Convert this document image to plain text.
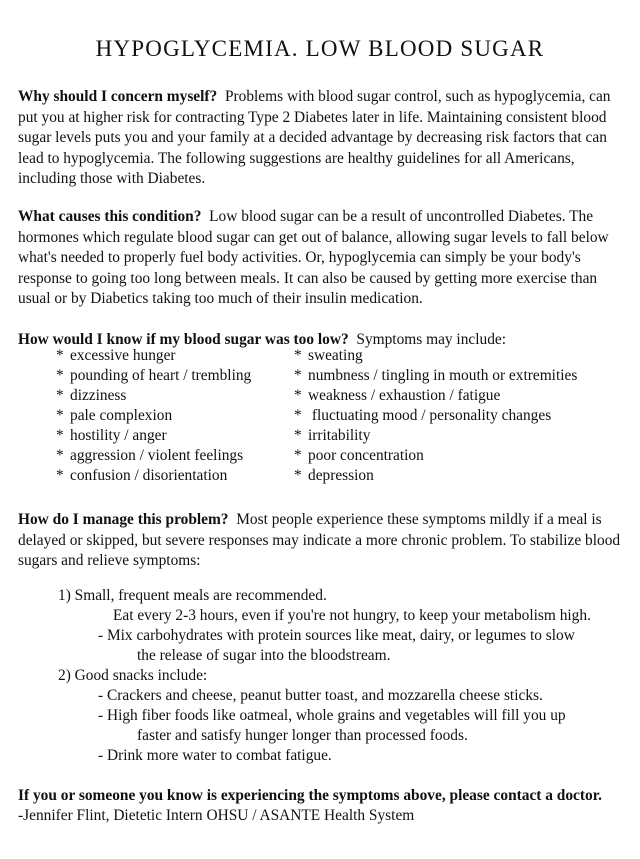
HYPOGLYCEMIA. LOW BLOOD SUGAR
Why should I concern myself? Problems with blood sugar control, such as hypoglycemia, can put you at higher risk for contracting Type 2 Diabetes later in life. Maintaining consistent blood sugar levels puts you and your family at a decided advantage by decreasing risk factors that can lead to hypoglycemia. The following suggestions are healthy guidelines for all Americans, including those with Diabetes.
What causes this condition? Low blood sugar can be a result of uncontrolled Diabetes. The hormones which regulate blood sugar can get out of balance, allowing sugar levels to fall below what's needed to properly fuel body activities. Or, hypoglycemia can simply be your body's response to going too long between meals. It can also be caused by getting more exercise than usual or by Diabetics taking too much of their insulin medication.
How would I know if my blood sugar was too low? Symptoms may include:
* excessive hunger
* pounding of heart / trembling
* dizziness
* pale complexion
* hostility / anger
* aggression / violent feelings
* confusion / disorientation
* sweating
* numbness / tingling in mouth or extremities
* weakness / exhaustion / fatigue
* fluctuating mood / personality changes
* irritability
* poor concentration
* depression
How do I manage this problem? Most people experience these symptoms mildly if a meal is delayed or skipped, but severe responses may indicate a more chronic problem. To stabilize blood sugars and relieve symptoms:
1) Small, frequent meals are recommended.
Eat every 2-3 hours, even if you're not hungry, to keep your metabolism high.
- Mix carbohydrates with protein sources like meat, dairy, or legumes to slow
the release of sugar into the bloodstream.
2) Good snacks include:
- Crackers and cheese, peanut butter toast, and mozzarella cheese sticks.
- High fiber foods like oatmeal, whole grains and vegetables will fill you up
faster and satisfy hunger longer than processed foods.
- Drink more water to combat fatigue.
If you or someone you know is experiencing the symptoms above, please contact a doctor.
-Jennifer Flint, Dietetic Intern OHSU / ASANTE Health System
